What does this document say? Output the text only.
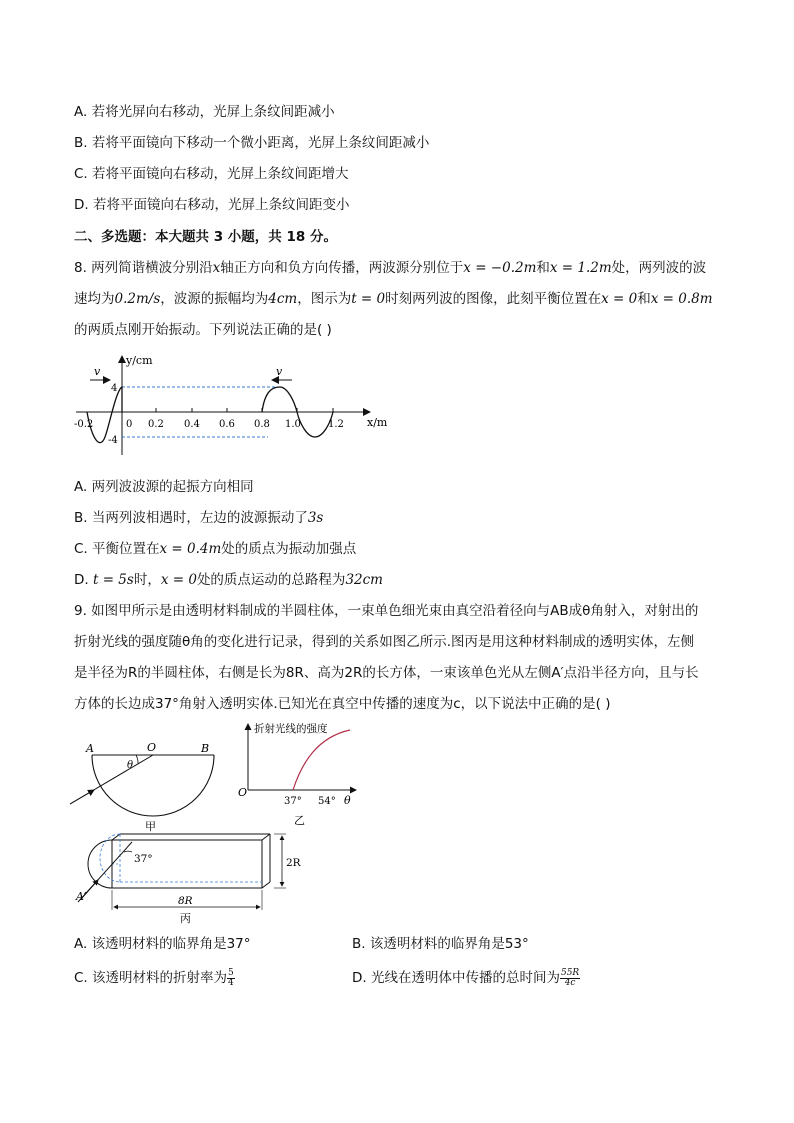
A. 若将光屏向右移动，光屏上条纹间距减小
B. 若将平面镜向下移动一个微小距离，光屏上条纹间距减小
C. 若将平面镜向右移动，光屏上条纹间距增大
D. 若将平面镜向右移动，光屏上条纹间距变小
二、多选题：本大题共 3 小题，共 18 分。
8. 两列简谐横波分别沿x轴正方向和负方向传播，两波源分别位于x = −0.2m和x = 1.2m处，两列波的波
速均为0.2m/s，波源的振幅均为4cm，图示为t = 0时刻两列波的图像，此刻平衡位置在x = 0和x = 0.8m
的两质点刚开始振动。下列说法正确的是( )
v	v
y/cm
x/m
4
-4
-0.2	0 0.2 0.4 0.6 0.8 1.0	1.2
A. 两列波波源的起振方向相同
B. 当两列波相遇时，左边的波源振动了3s
C. 平衡位置在x = 0.4m处的质点为振动加强点
D. t = 5s时，x = 0处的质点运动的总路程为32cm
9. 如图甲所示是由透明材料制成的半圆柱体，一束单色细光束由真空沿着径向与AB成θ角射入，对射出的
折射光线的强度随θ角的变化进行记录，得到的关系如图乙所示.图丙是用这种材料制成的透明实体，左侧
是半径为R的半圆柱体，右侧是长为8R、高为2R的长方体，一束该单色光从左侧A′点沿半径方向，且与长
方体的长边成37°角射入透明实体.已知光在真空中传播的速度为c，以下说法中正确的是( )
A	O	B
θ
甲
折射光线的强度
O
37° 54° θ
乙
37°
A′
2R
8R
丙
A. 该透明材料的临界角是37°	B. 该透明材料的临界角是53°
C. 该透明材料的折射率为 $\frac{5}{4}$	D. 光线在透明体中传播的总时间为 $\frac{55R}{4c}$
